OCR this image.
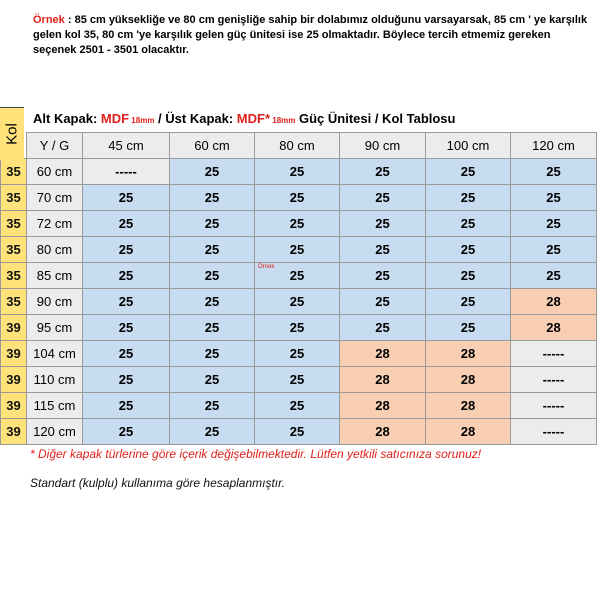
Örnek : 85 cm yüksekliğe ve 80 cm genişliğe sahip bir dolabımız olduğunu varsayarsak, 85 cm ' ye karşılık gelen kol 35, 80 cm 'ye karşılık gelen güç ünitesi ise 25 olmaktadır. Böylece tercih etmemiz gereken seçenek 2501 - 3501 olacaktır.
Alt Kapak: MDF 18mm / Üst Kapak: MDF* 18mm Güç Ünitesi / Kol Tablosu
	Y / G	45 cm	60 cm	80 cm	90 cm	100 cm	120 cm
35	60 cm	-----	25	25	25	25	25
35	70 cm	25	25	25	25	25	25
35	72 cm	25	25	25	25	25	25
35	80 cm	25	25	25	25	25	25
35	85 cm	25	25	25	25	25	25
35	90 cm	25	25	25	25	25	28
39	95 cm	25	25	25	25	25	28
39	104 cm	25	25	25	28	28	-----
39	110 cm	25	25	25	28	28	-----
39	115 cm	25	25	25	28	28	-----
39	120 cm	25	25	25	28	28	-----
Kol
Örnek
* Diğer kapak türlerine göre içerik değişebilmektedir. Lütfen yetkili satıcınıza sorunuz!
Standart (kulplu) kullanıma göre hesaplanmıştır.
